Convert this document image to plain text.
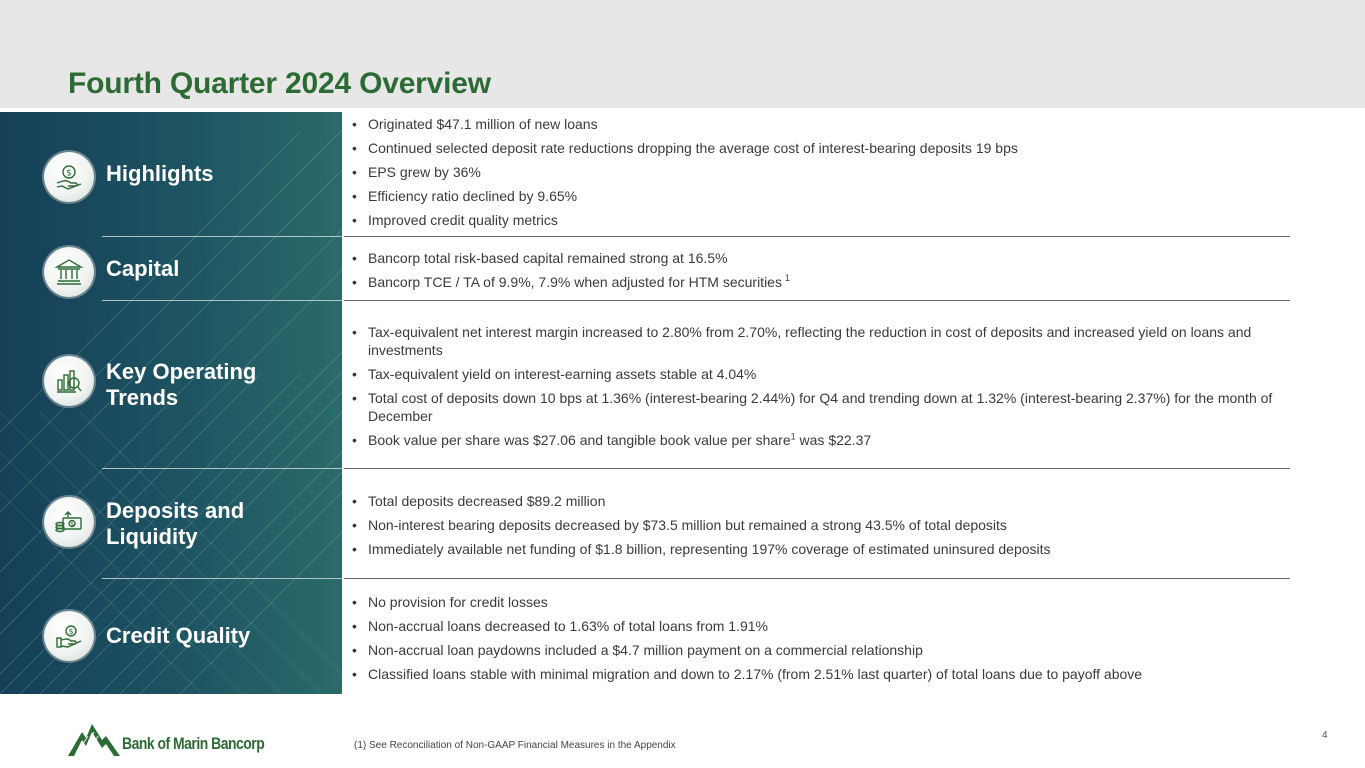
Fourth Quarter 2024 Overview
$ Highlights
• Originated $47.1 million of new loans
• Continued selected deposit rate reductions dropping the average cost of interest-bearing deposits 19 bps
• EPS grew by 36%
• Efficiency ratio declined by 9.65%
• Improved credit quality metrics
Capital
•	Bancorp total risk-based capital remained strong at 16.5%
• Bancorp TCE / TA of 9.9%, 7.9% when adjusted for HTM securities $^1$
Key Operating
Trends
• Tax-equivalent net interest margin increased to 2.80% from 2.70%, reflecting the reduction in cost of deposits and increased yield on loans and investments
• Tax-equivalent yield on interest-earning assets stable at 4.04%
• Total cost of deposits down 10 bps at 1.36% (interest-bearing 2.44%) for Q4 and trending down at 1.32% (interest-bearing 2.37%) for the month of December
• Book value per share was $27.06 and tangible book value per share$^1$ was $22.37
$
Deposits and
Liquidity
• Total deposits decreased $89.2 million
• Non-interest bearing deposits decreased by $73.5 million but remained a strong 43.5% of total deposits
• Immediately available net funding of $1.8 billion, representing 197% coverage of estimated uninsured deposits
$ Credit Quality
• No provision for credit losses
• Non-accrual loans decreased to 1.63% of total loans from 1.91%
• Non-accrual loan paydowns included a $4.7 million payment on a commercial relationship
• Classified loans stable with minimal migration and down to 2.17% (from 2.51% last quarter) of total loans due to payoff above
Bank of Marin Bancorp	(1) See Reconciliation of Non-GAAP Financial Measures in the Appendix
4
